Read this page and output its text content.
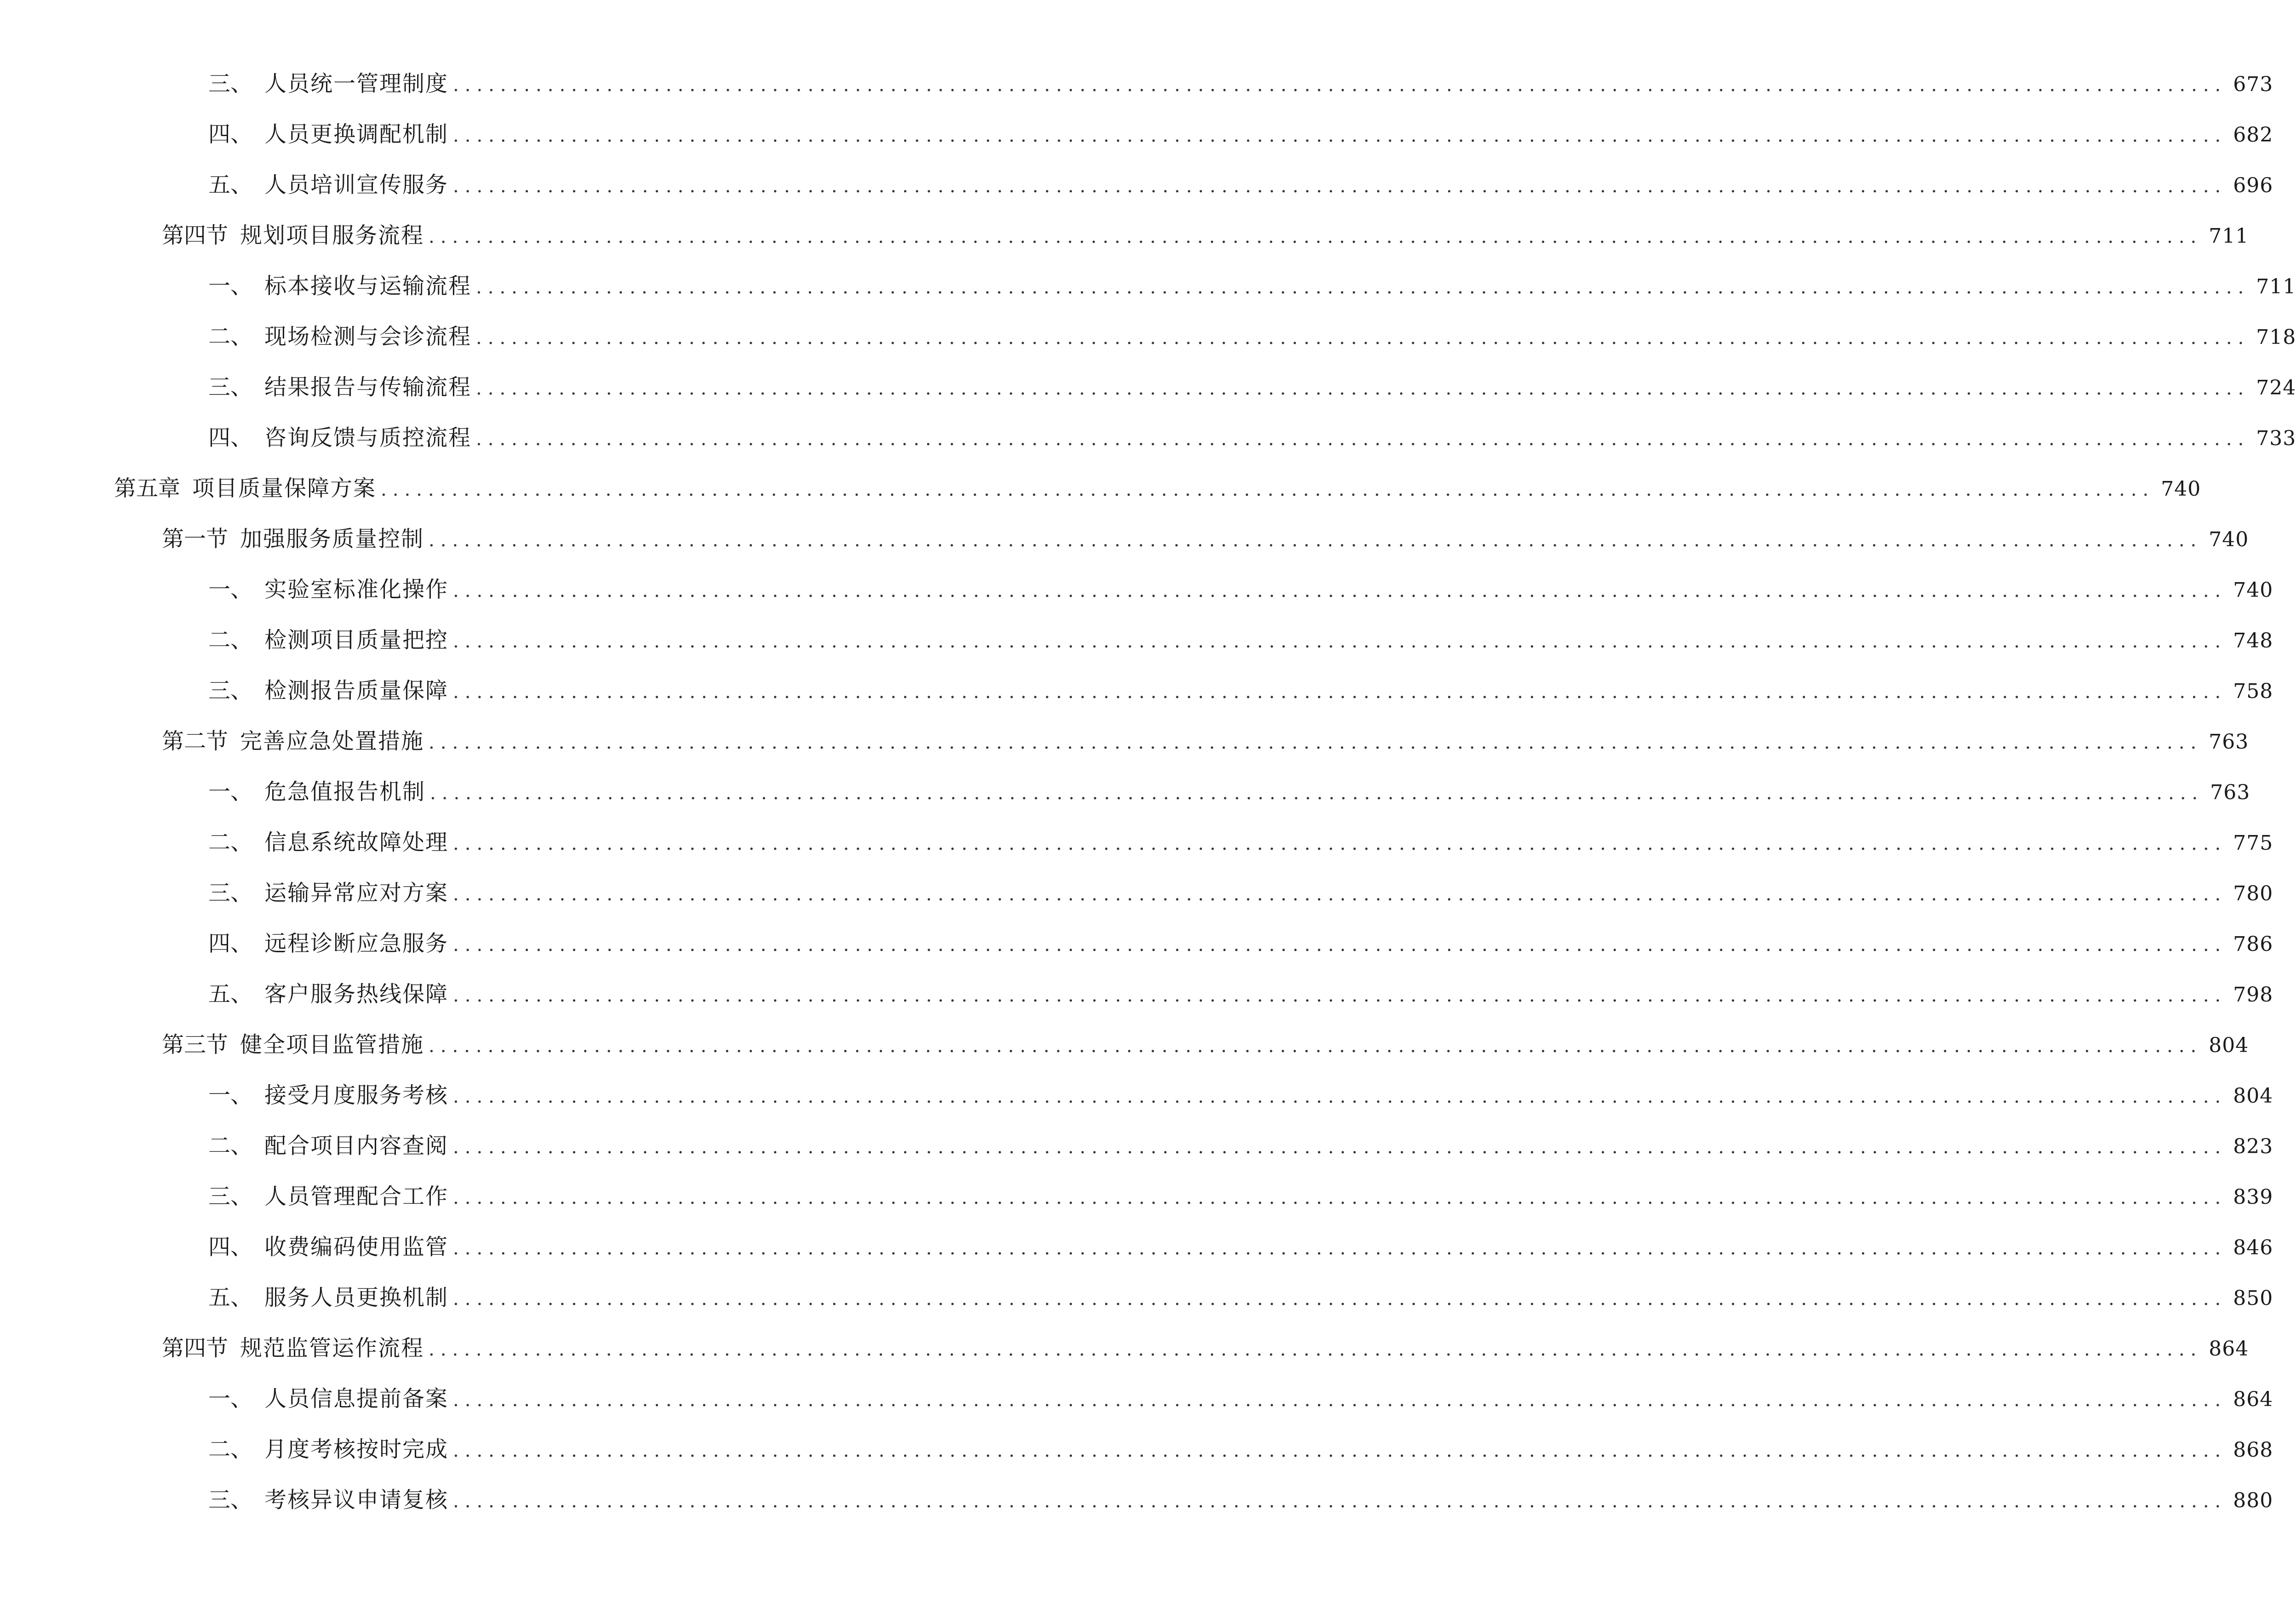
三、 人员统一管理制度 ...................................................................................................................................................... 673
四、 人员更换调配机制 ...................................................................................................................................................... 682
五、 人员培训宣传服务 ...................................................................................................................................................... 696
第四节 规划项目服务流程 ...................................................................................................................................................... 711
一、 标本接收与运输流程 ...................................................................................................................................................... 711
二、 现场检测与会诊流程 ...................................................................................................................................................... 718
三、 结果报告与传输流程 ...................................................................................................................................................... 724
四、 咨询反馈与质控流程 ...................................................................................................................................................... 733
第五章 项目质量保障方案 ...................................................................................................................................................... 740
第一节 加强服务质量控制 ...................................................................................................................................................... 740
一、 实验室标准化操作 ...................................................................................................................................................... 740
二、 检测项目质量把控 ...................................................................................................................................................... 748
三、 检测报告质量保障 ...................................................................................................................................................... 758
第二节 完善应急处置措施 ...................................................................................................................................................... 763
一、 危急值报告机制 ...................................................................................................................................................... 763
二、 信息系统故障处理 ...................................................................................................................................................... 775
三、 运输异常应对方案 ...................................................................................................................................................... 780
四、 远程诊断应急服务 ...................................................................................................................................................... 786
五、 客户服务热线保障 ...................................................................................................................................................... 798
第三节 健全项目监管措施 ...................................................................................................................................................... 804
一、 接受月度服务考核 ...................................................................................................................................................... 804
二、 配合项目内容查阅 ...................................................................................................................................................... 823
三、 人员管理配合工作 ...................................................................................................................................................... 839
四、 收费编码使用监管 ...................................................................................................................................................... 846
五、 服务人员更换机制 ...................................................................................................................................................... 850
第四节 规范监管运作流程 ...................................................................................................................................................... 864
一、 人员信息提前备案 ...................................................................................................................................................... 864
二、 月度考核按时完成 ...................................................................................................................................................... 868
三、 考核异议申请复核 ...................................................................................................................................................... 880
